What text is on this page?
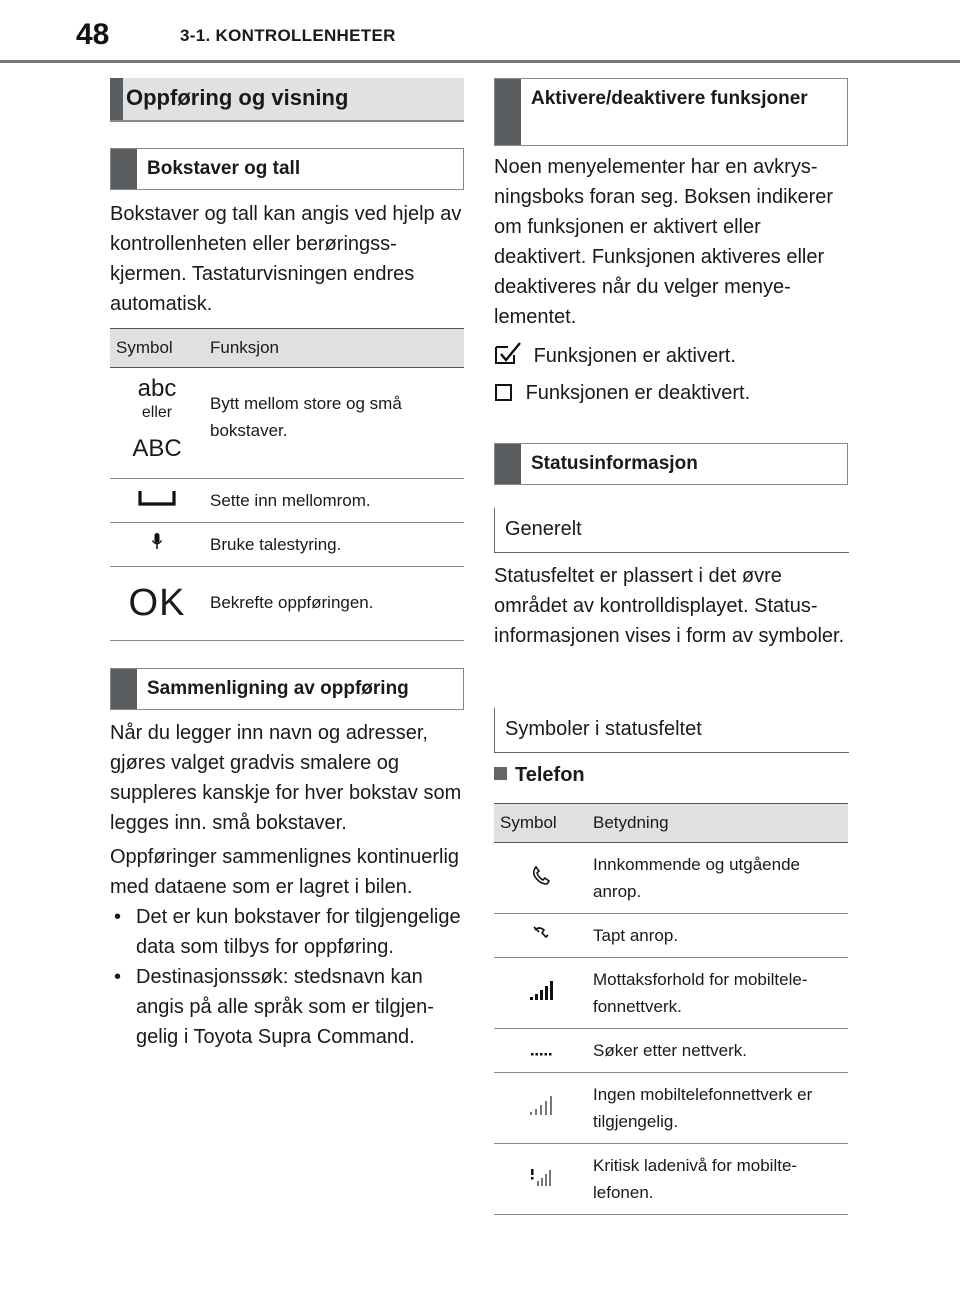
48	3-1. KONTROLLENHETER
Oppføring og visning
Bokstaver og tall

Bokstaver og tall kan angis ved hjelp av kontrollenheten eller berøringsskjermen. Tastaturvisningen endres automatisk.

Symbol	Funksjon

abc
eller
ABC	Bytt mellom store og små bokstaver.
	Sette inn mellomrom.
	Bruke talestyring.
OK	Bekrefte oppføringen.
Sammenligning av oppføring

Når du legger inn navn og adresser, gjøres valget gradvis smalere og suppleres kanskje for hver bokstav som legges inn. små bokstaver.

Oppføringer sammenlignes kontinuerlig med dataene som er lagret i bilen.

• Det er kun bokstaver for tilgjengelige data som tilbys for oppføring.
• Destinasjonssøk: stedsnavn kan angis på alle språk som er tilgjengelig i Toyota Supra Command.
Aktivere/deaktivere funksjoner

Noen menyelementer har en avkrysningsboks foran seg. Boksen indikerer om funksjonen er aktivert eller deaktivert. Funksjonen aktiveres eller deaktiveres når du velger menyelementet.

Funksjonen er aktivert.
Funksjonen er deaktivert.
Statusinformasjon
Generelt

Statusfeltet er plassert i det øvre området av kontrolldisplayet. Statusinformasjonen vises i form av symboler.

Symboler i statusfeltet
Telefon
Symbol	Betydning
	Innkommende og utgående anrop.
	Tapt anrop.
	Mottaksforhold for mobiltelefonnettverk.
	Søker etter nettverk.
	Ingen mobiltelefonnettverk er tilgjengelig.
	Kritisk ladenivå for mobiltelefonen.
